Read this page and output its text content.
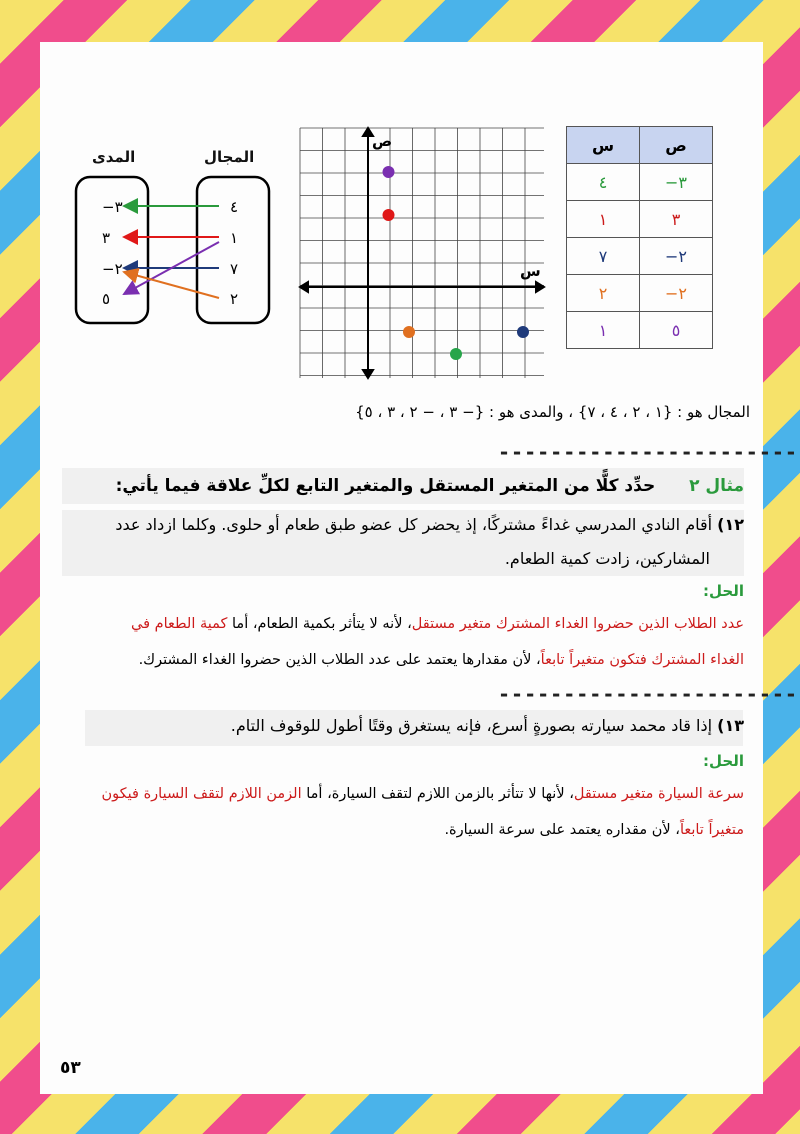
س	ص
٤	−٣
١	٣
٧	−٢
٢	−٢
١	٥
س
ص
المجال
المدى
٤
١
٧
٢
−٣
٣
−٢
٥
المجال هو : {١ ، ٢ ، ٤ ، ٧} ، والمدى هو : {− ٣ ، − ٢ ، ٣ ، ٥}
-----------------------
مثال ٢  حدِّد كلًّا من المتغير المستقل والمتغير التابع لكلِّ علاقة فيما يأتي:
١٢) أقام النادي المدرسي غداءً مشتركًا، إذ يحضر كل عضو طبق طعام أو حلوى. وكلما ازداد عدد
المشاركين، زادت كمية الطعام.
الحل:
عدد الطلاب الذين حضروا الغداء المشترك متغير مستقل، لأنه لا يتأثر بكمية الطعام، أما كمية الطعام في
الغداء المشترك فتكون متغيراً تابعاً، لأن مقدارها يعتمد على عدد الطلاب الذين حضروا الغداء المشترك.
-----------------------
١٣) إذا قاد محمد سيارته بصورةٍ أسرع، فإنه يستغرق وقتًا أطول للوقوف التام.
الحل:
سرعة السيارة متغير مستقل، لأنها لا تتأثر بالزمن اللازم لتقف السيارة، أما الزمن اللازم لتقف السيارة فيكون
متغيراً تابعاً، لأن مقداره يعتمد على سرعة السيارة.
٥٣
